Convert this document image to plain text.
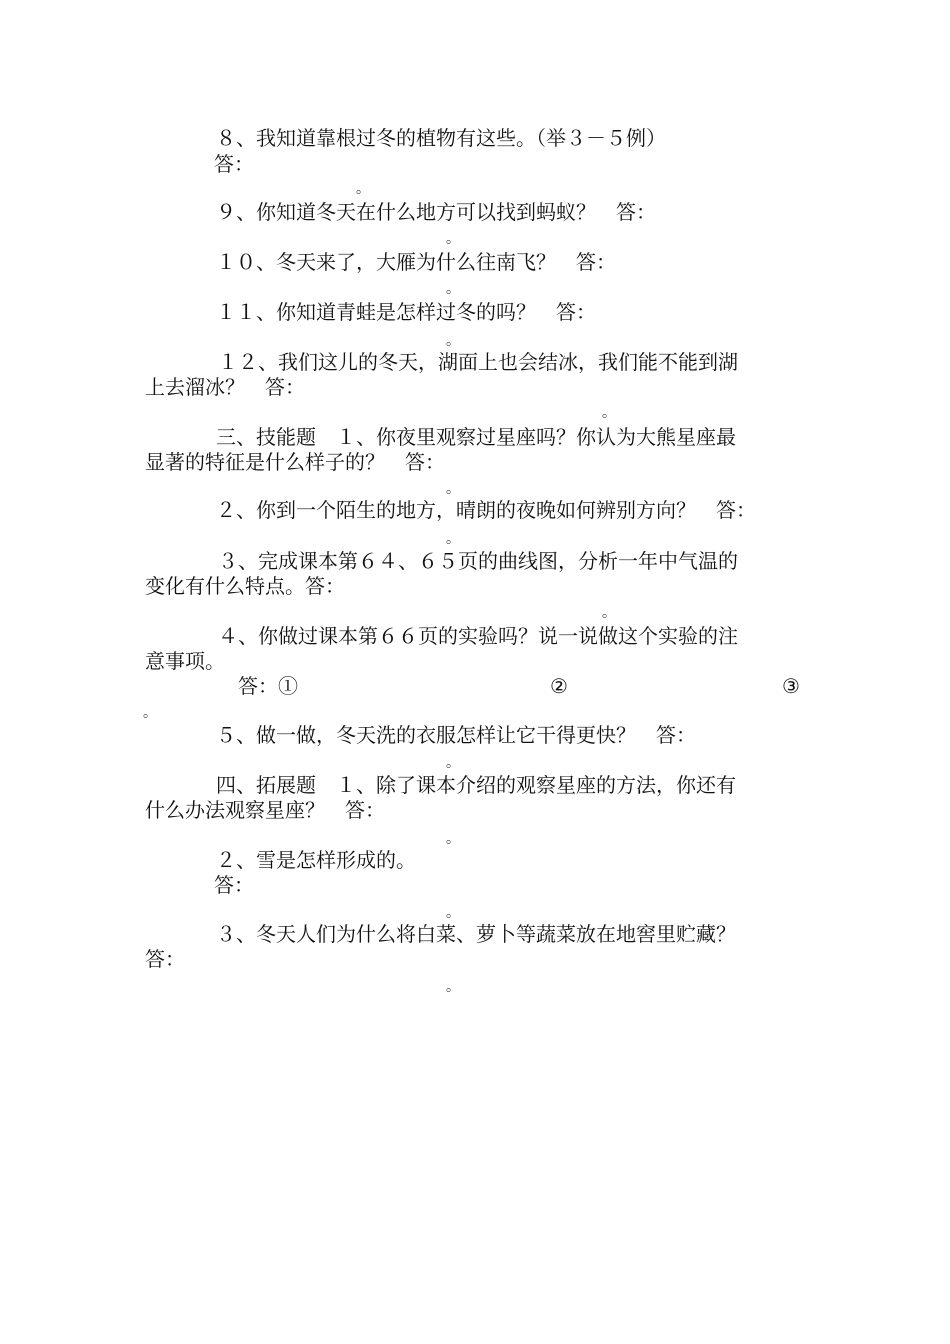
８、我知道靠根过冬的植物有这些。（举３－５例）
答：
。
９、你知道冬天在什么地方可以找到蚂蚁？　答：
。
１０、冬天来了，大雁为什么往南飞？　答：
。
１１、你知道青蛙是怎样过冬的吗？　答：
。
１２、我们这儿的冬天，湖面上也会结冰，我们能不能到湖
上去溜冰？　答：
。
三、技能题　１、你夜里观察过星座吗？你认为大熊星座最
显著的特征是什么样子的？　答：
。
２、你到一个陌生的地方，晴朗的夜晚如何辨别方向？　答：
。
３、完成课本第６４、６５页的曲线图，分析一年中气温的
变化有什么特点。答：
。
４、你做过课本第６６页的实验吗？说一说做这个实验的注
意事项。
答：①	②	③
。
５、做一做，冬天洗的衣服怎样让它干得更快？　答：
。
四、拓展题　１、除了课本介绍的观察星座的方法，你还有
什么办法观察星座？　答：
。
２、雪是怎样形成的。
答：
。
３、冬天人们为什么将白菜、萝卜等蔬菜放在地窖里贮藏？
答：
。
